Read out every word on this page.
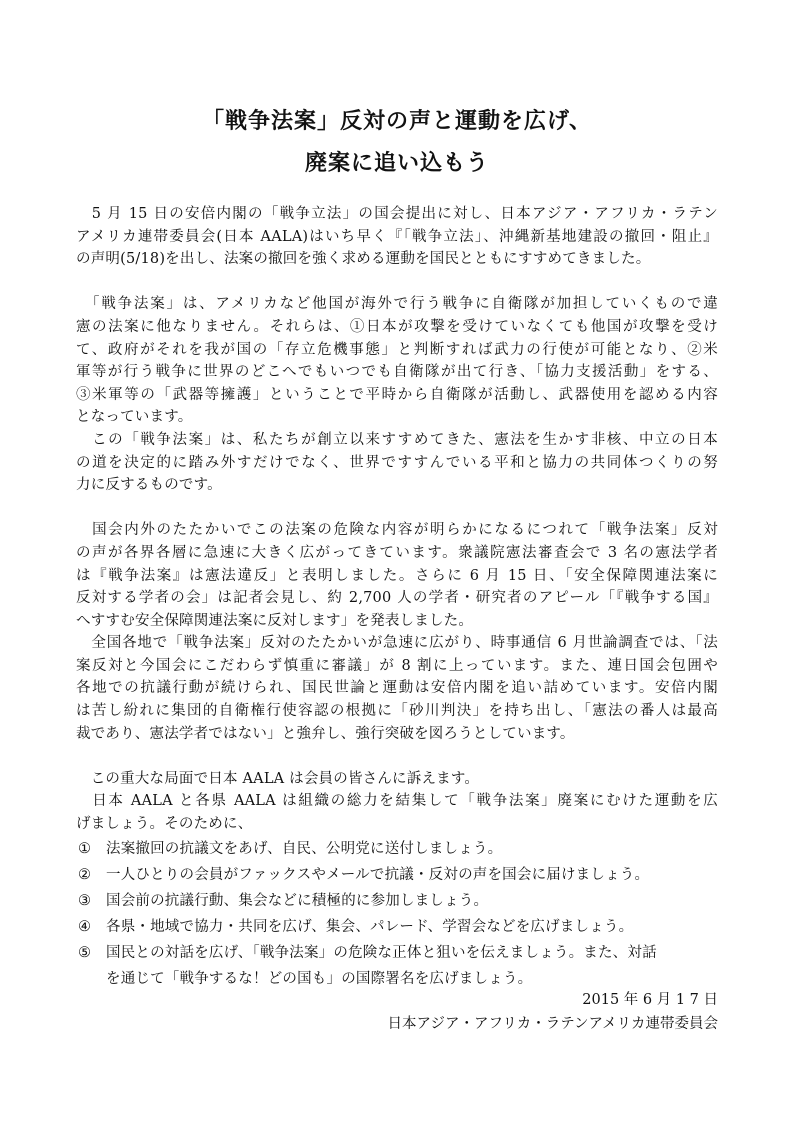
「戦争法案」反対の声と運動を広げ、
廃案に追い込もう
　5 月 15 日の安倍内閣の「戦争立法」の国会提出に対し、日本アジア・アフリカ・ラテン
アメリカ連帯委員会(日本 AALA)はいち早く『「戦争立法」、沖縄新基地建設の撤回・阻止』
の声明(5/18)を出し、法案の撤回を強く求める運動を国民とともにすすめてきました。
　「戦争法案」は、アメリカなど他国が海外で行う戦争に自衛隊が加担していくもので違
憲の法案に他なりません。それらは、①日本が攻撃を受けていなくても他国が攻撃を受け
て、政府がそれを我が国の「存立危機事態」と判断すれば武力の行使が可能となり、②米
軍等が行う戦争に世界のどこへでもいつでも自衛隊が出て行き、「協力支援活動」をする、
③米軍等の「武器等擁護」ということで平時から自衛隊が活動し、武器使用を認める内容
となっています。
　この「戦争法案」は、私たちが創立以来すすめてきた、憲法を生かす非核、中立の日本
の道を決定的に踏み外すだけでなく、世界ですすんでいる平和と協力の共同体つくりの努
力に反するものです。
　国会内外のたたかいでこの法案の危険な内容が明らかになるにつれて「戦争法案」反対
の声が各界各層に急速に大きく広がってきています。衆議院憲法審査会で 3 名の憲法学者
は『戦争法案』は憲法違反」と表明しました。さらに 6 月 15 日、「安全保障関連法案に
反対する学者の会」は記者会見し、約 2,700 人の学者・研究者のアピール「『戦争する国』
へすすむ安全保障関連法案に反対します」を発表しました。
　全国各地で「戦争法案」反対のたたかいが急速に広がり、時事通信 6 月世論調査では、「法
案反対と今国会にこだわらず慎重に審議」が 8 割に上っています。また、連日国会包囲や
各地での抗議行動が続けられ、国民世論と運動は安倍内閣を追い詰めています。安倍内閣
は苦し紛れに集団的自衛権行使容認の根拠に「砂川判決」を持ち出し、「憲法の番人は最高
裁であり、憲法学者ではない」と強弁し、強行突破を図ろうとしています。
　この重大な局面で日本 AALA は会員の皆さんに訴えます。
　日本 AALA と各県 AALA は組織の総力を結集して「戦争法案」廃案にむけた運動を広
げましょう。そのために、
① 法案撤回の抗議文をあげ、自民、公明党に送付しましょう。
② 一人ひとりの会員がファックスやメールで抗議・反対の声を国会に届けましょう。
③ 国会前の抗議行動、集会などに積極的に参加しましょう。
④ 各県・地域で協力・共同を広げ、集会、パレード、学習会などを広げましょう。
⑤ 国民との対話を広げ、「戦争法案」の危険な正体と狙いを伝えましょう。また、対話
を通じて「戦争するな！どの国も」の国際署名を広げましょう。
2015 年 6 月 1 7 日
日本アジア・アフリカ・ラテンアメリカ連帯委員会
